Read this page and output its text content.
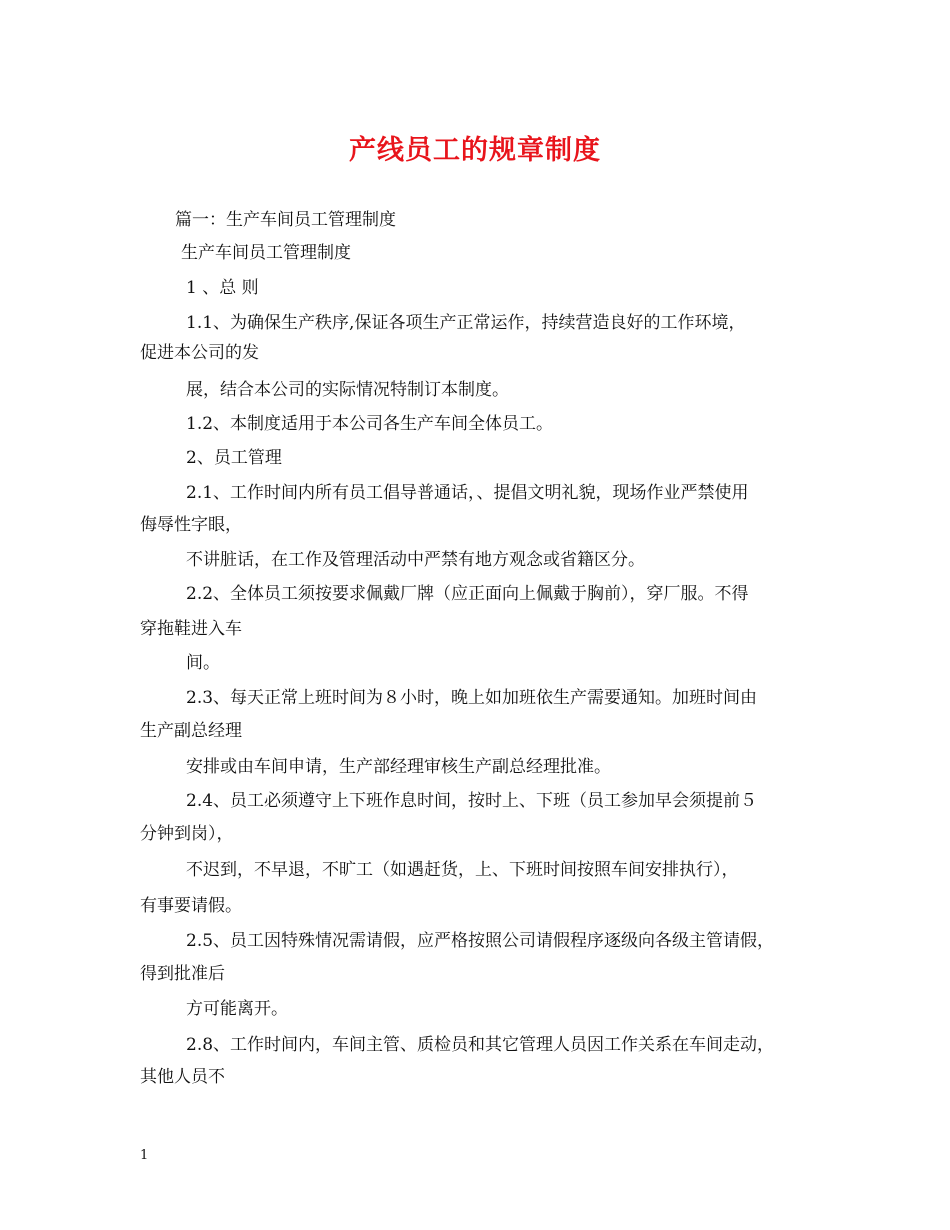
产线员工的规章制度
篇一：生产车间员工管理制度
生产车间员工管理制度
1 、总 则
1.1、为确保生产秩序,保证各项生产正常运作，持续营造良好的工作环境，
促进本公司的发
展，结合本公司的实际情况特制订本制度。
1.2、本制度适用于本公司各生产车间全体员工。
2、员工管理
2.1、工作时间内所有员工倡导普通话，、提倡文明礼貌，现场作业严禁使用
侮辱性字眼，
不讲脏话，在工作及管理活动中严禁有地方观念或省籍区分。
2.2、全体员工须按要求佩戴厂牌（应正面向上佩戴于胸前），穿厂服。不得
穿拖鞋进入车
间。
2.3、每天正常上班时间为８小时，晚上如加班依生产需要通知。加班时间由
生产副总经理
安排或由车间申请，生产部经理审核生产副总经理批准。
2.4、员工必须遵守上下班作息时间，按时上、下班（员工参加早会须提前５
分钟到岗），
不迟到，不早退，不旷工（如遇赶货，上、下班时间按照车间安排执行），
有事要请假。
2.5、员工因特殊情况需请假，应严格按照公司请假程序逐级向各级主管请假，
得到批准后
方可能离开。
2.8、工作时间内，车间主管、质检员和其它管理人员因工作关系在车间走动，
其他人员不
1
